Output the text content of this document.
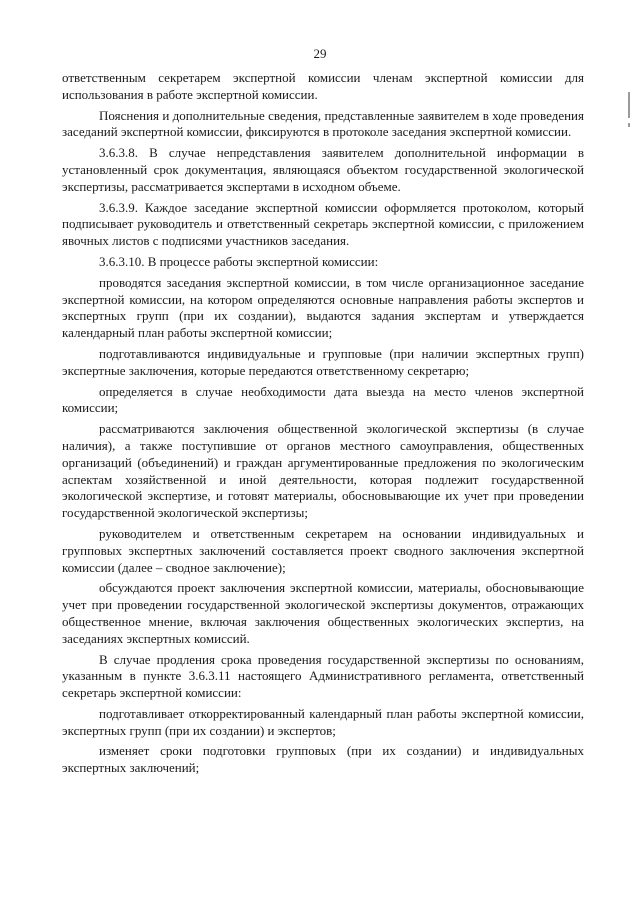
29

ответственным секретарем экспертной комиссии членам экспертной комиссии для использования в работе экспертной комиссии.

Пояснения и дополнительные сведения, представленные заявителем в ходе проведения заседаний экспертной комиссии, фиксируются в протоколе заседания экспертной комиссии.

3.6.3.8. В случае непредставления заявителем дополнительной информации в установленный срок документация, являющаяся объектом государственной экологической экспертизы, рассматривается экспертами в исходном объеме.

3.6.3.9. Каждое заседание экспертной комиссии оформляется протоколом, который подписывает руководитель и ответственный секретарь экспертной комиссии, с приложением явочных листов с подписями участников заседания.

3.6.3.10. В процессе работы экспертной комиссии:

проводятся заседания экспертной комиссии, в том числе организационное заседание экспертной комиссии, на котором определяются основные направления работы экспертов и экспертных групп (при их создании), выдаются задания экспертам и утверждается календарный план работы экспертной комиссии;

подготавливаются индивидуальные и групповые (при наличии экспертных групп) экспертные заключения, которые передаются ответственному секретарю;

определяется в случае необходимости дата выезда на место членов экспертной комиссии;

рассматриваются заключения общественной экологической экспертизы (в случае наличия), а также поступившие от органов местного самоуправления, общественных организаций (объединений) и граждан аргументированные предложения по экологическим аспектам хозяйственной и иной деятельности, которая подлежит государственной экологической экспертизе, и готовят материалы, обосновывающие их учет при проведении государственной экологической экспертизы;

руководителем и ответственным секретарем на основании индивидуальных и групповых экспертных заключений составляется проект сводного заключения экспертной комиссии (далее – сводное заключение);

обсуждаются проект заключения экспертной комиссии, материалы, обосновывающие учет при проведении государственной экологической экспертизы документов, отражающих общественное мнение, включая заключения общественных экологических экспертиз, на заседаниях экспертных комиссий.

В случае продления срока проведения государственной экспертизы по основаниям, указанным в пункте 3.6.3.11 настоящего Административного регламента, ответственный секретарь экспертной комиссии:

подготавливает откорректированный календарный план работы экспертной комиссии, экспертных групп (при их создании) и экспертов;

изменяет сроки подготовки групповых (при их создании) и индивидуальных экспертных заключений;
